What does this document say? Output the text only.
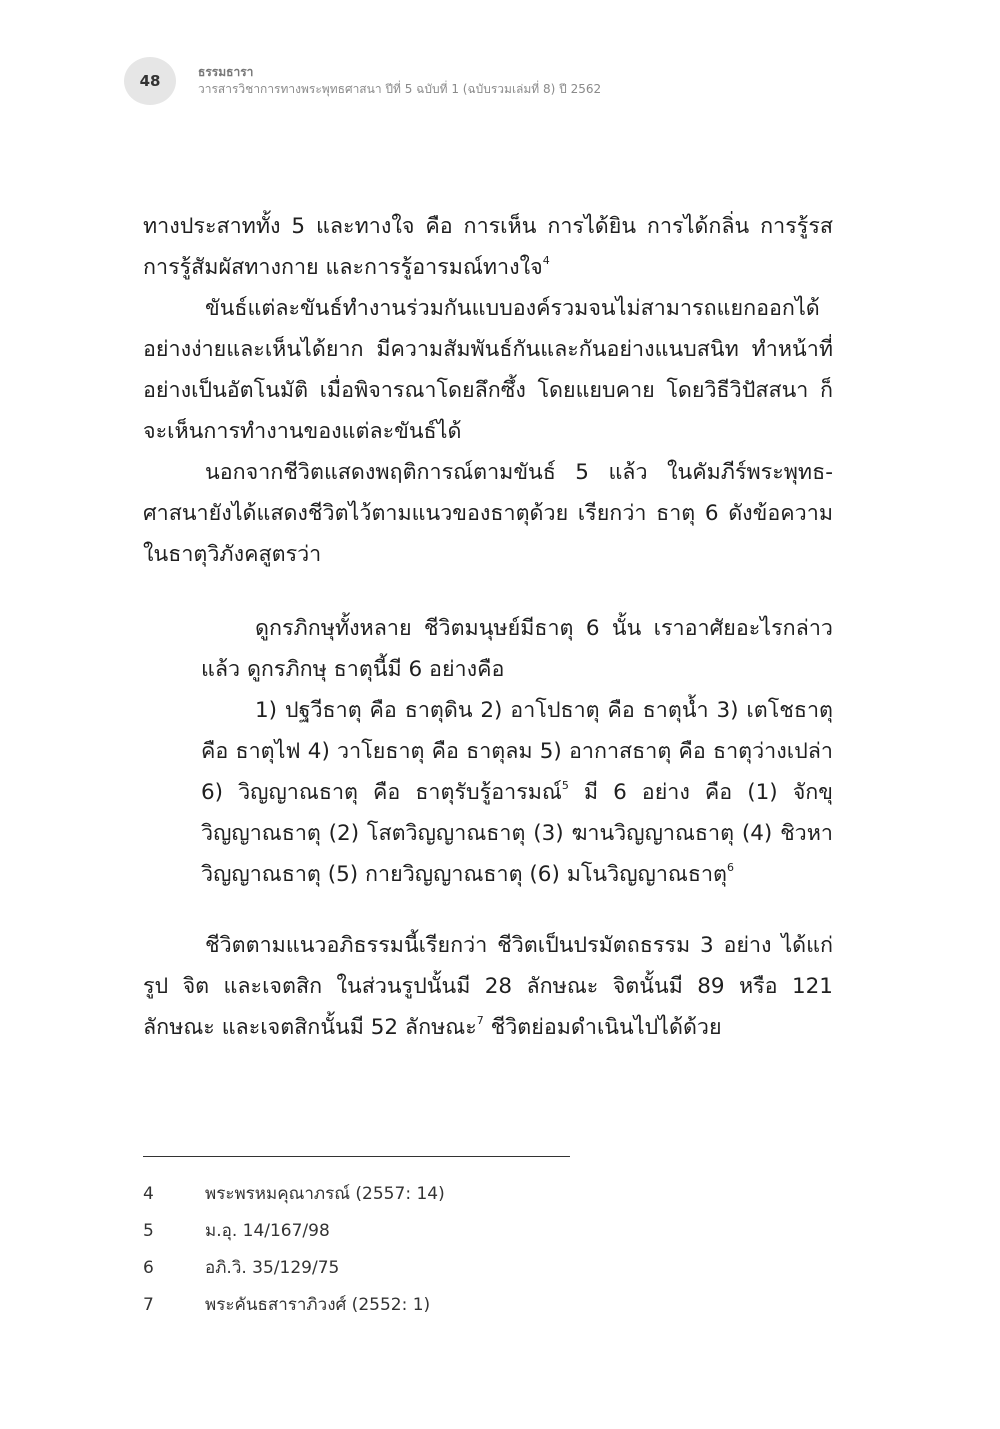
48	ธรรมธารา
วารสารวิชาการทางพระพุทธศาสนา ปีที่ 5 ฉบับที่ 1 (ฉบับรวมเล่มที่ 8) ปี 2562

ทางประสาททั้ง 5 และทางใจ คือ การเห็น การได้ยิน การได้กลิ่น การรู้รส การรู้สัมผัสทางกาย และการรู้อารมณ์ทางใจ$^4$

ขันธ์แต่ละขันธ์ทำงานร่วมกันแบบองค์รวมจนไม่สามารถแยกออกได้อย่างง่ายและเห็นได้ยาก มีความสัมพันธ์กันและกันอย่างแนบสนิท ทำหน้าที่อย่างเป็นอัตโนมัติ เมื่อพิจารณาโดยลึกซึ้ง โดยแยบคาย โดยวิธีวิปัสสนา ก็จะเห็นการทำงานของแต่ละขันธ์ได้

นอกจากชีวิตแสดงพฤติการณ์ตามขันธ์ 5 แล้ว ในคัมภีร์พระพุทธ-ศาสนายังได้แสดงชีวิตไว้ตามแนวของธาตุด้วย เรียกว่า ธาตุ 6 ดังข้อความในธาตุวิภังคสูตรว่า

ดูกรภิกษุทั้งหลาย ชีวิตมนุษย์มีธาตุ 6 นั้น เราอาศัยอะไรกล่าวแล้ว ดูกรภิกษุ ธาตุนี้มี 6 อย่างคือ

1) ปฐวีธาตุ คือ ธาตุดิน 2) อาโปธาตุ คือ ธาตุน้ำ 3) เตโชธาตุ คือ ธาตุไฟ 4) วาโยธาตุ คือ ธาตุลม 5) อากาสธาตุ คือ ธาตุว่างเปล่า 6) วิญญาณธาตุ คือ ธาตุรับรู้อารมณ์$^5$ มี 6 อย่าง คือ (1) จักขุวิญญาณธาตุ (2) โสตวิญญาณธาตุ (3) ฆานวิญญาณธาตุ (4) ชิวหาวิญญาณธาตุ (5) กายวิญญาณธาตุ (6) มโนวิญญาณธาตุ$^6$

ชีวิตตามแนวอภิธรรมนี้เรียกว่า ชีวิตเป็นปรมัตถธรรม 3 อย่าง ได้แก่ รูป จิต และเจตสิก ในส่วนรูปนั้นมี 28 ลักษณะ จิตนั้นมี 89 หรือ 121 ลักษณะ และเจตสิกนั้นมี 52 ลักษณะ$^7$ ชีวิตย่อมดำเนินไปได้ด้วย

4	พระพรหมคุณาภรณ์ (2557: 14)
5	ม.อุ. 14/167/98
6	อภิ.วิ. 35/129/75
7	พระคันธสาราภิวงศ์ (2552: 1)
